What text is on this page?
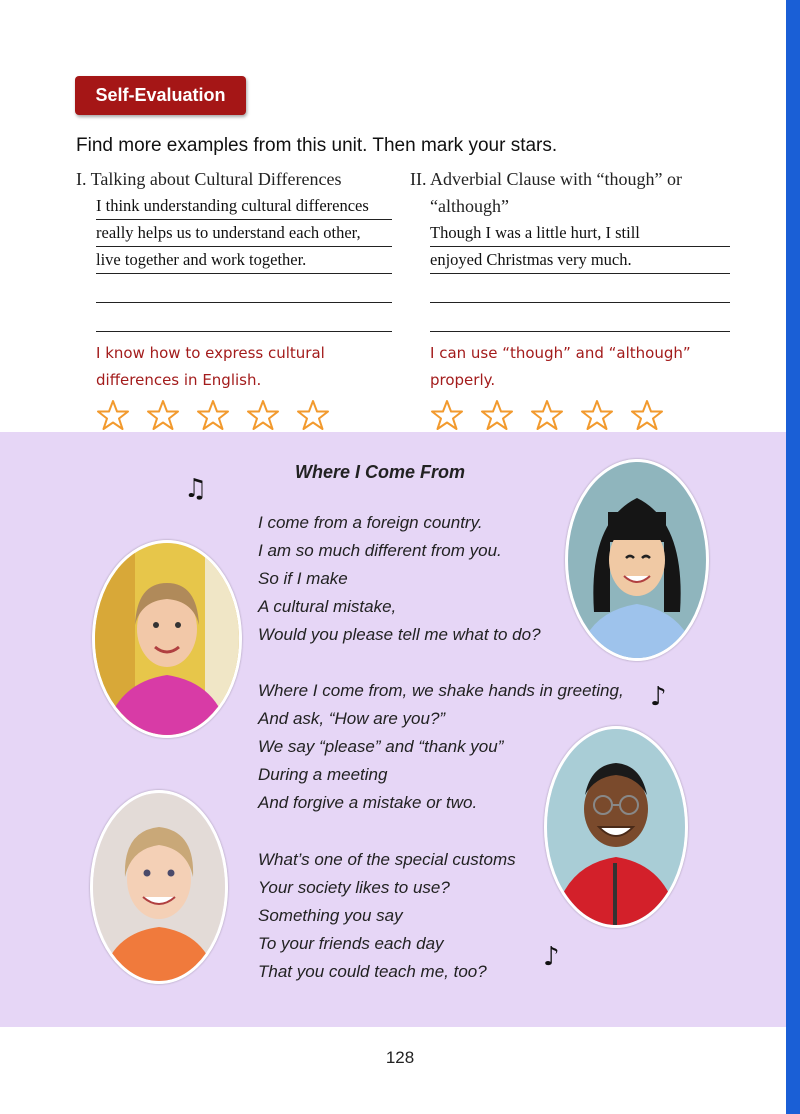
Self-Evaluation
Find more examples from this unit. Then mark your stars.
I. Talking about Cultural Differences
I think understanding cultural differences
really helps us to understand each other,
live together and work together.
I know how to express cultural
differences in English.
II. Adverbial Clause with “though” or
“although”
Though I was a little hurt, I still
enjoyed Christmas very much.
I can use “though” and “although”
properly.
Where I Come From
I come from a foreign country.
I am so much different from you.
So if I make
A cultural mistake,
Would you please tell me what to do?
Where I come from, we shake hands in greeting,
And ask, “How are you?”
We say “please” and “thank you”
During a meeting
And forgive a mistake or two.
What’s one of the special customs
Your society likes to use?
Something you say
To your friends each day
That you could teach me, too?
♫
♪
♪
128
